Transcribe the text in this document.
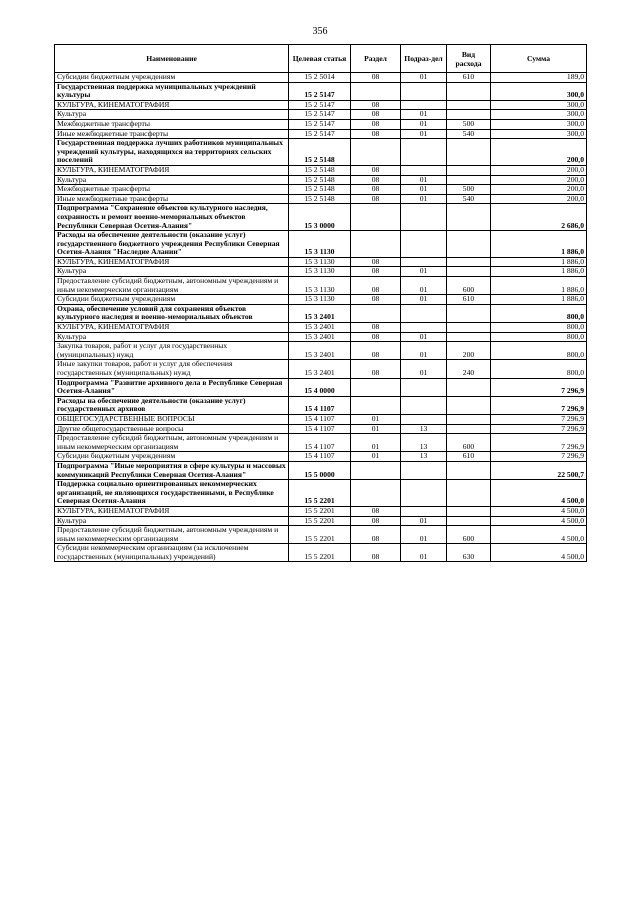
356
Наименование	Целевая статья	Раздел	Подраз-дел	Вид расхода	Сумма
Субсидии бюджетным учреждениям	15 2 5014	08	01	610	189,0
Государственная поддержка муниципальных учреждений культуры	15 2 5147				300,0
КУЛЬТУРА, КИНЕМАТОГРАФИЯ	15 2 5147	08			300,0
Культура	15 2 5147	08	01		300,0
Межбюджетные трансферты	15 2 5147	08	01	500	300,0
Иные межбюджетные трансферты	15 2 5147	08	01	540	300,0
Государственная поддержка лучших работников муниципальных учреждений культуры, находящихся на территориях сельских поселений	15 2 5148				200,0
КУЛЬТУРА, КИНЕМАТОГРАФИЯ	15 2 5148	08			200,0
Культура	15 2 5148	08	01		200,0
Межбюджетные трансферты	15 2 5148	08	01	500	200,0
Иные межбюджетные трансферты	15 2 5148	08	01	540	200,0
Подпрограмма "Сохранение объектов культурного наследия, сохранность и ремонт военно-мемориальных объектов Республики Северная Осетия-Алания"	15 3 0000				2 686,0
Расходы на обеспечение деятельности (оказание услуг) государственного бюджетного учреждения Республики Северная Осетия-Алания "Наследие Алании"	15 3 1130				1 886,0
КУЛЬТУРА, КИНЕМАТОГРАФИЯ	15 3 1130	08			1 886,0
Культура	15 3 1130	08	01		1 886,0
Предоставление субсидий бюджетным, автономным учреждениям и иным некоммерческим организациям	15 3 1130	08	01	600	1 886,0
Субсидии бюджетным учреждениям	15 3 1130	08	01	610	1 886,0
Охрана, обеспечение условий для сохранения объектов культурного наследия и военно-мемориальных объектов	15 3 2401				800,0
КУЛЬТУРА, КИНЕМАТОГРАФИЯ	15 3 2401	08			800,0
Культура	15 3 2401	08	01		800,0
Закупка товаров, работ и услуг для государственных (муниципальных) нужд	15 3 2401	08	01	200	800,0
Иные закупки товаров, работ и услуг для обеспечения государственных (муниципальных) нужд	15 3 2401	08	01	240	800,0
Подпрограмма "Развитие архивного дела в Республике Северная Осетия-Алания"	15 4 0000				7 296,9
Расходы на обеспечение деятельности (оказание услуг) государственных архивов	15 4 1107				7 296,9
ОБЩЕГОСУДАРСТВЕННЫЕ ВОПРОСЫ	15 4 1107	01			7 296,9
Другие общегосударственные вопросы	15 4 1107	01	13		7 296,9
Предоставление субсидий бюджетным, автономным учреждениям и иным некоммерческим организациям	15 4 1107	01	13	600	7 296,9
Субсидии бюджетным учреждениям	15 4 1107	01	13	610	7 296,9
Подпрограмма "Иные мероприятия в сфере культуры и массовых коммуникаций Республики Северная Осетия-Алания"	15 5 0000				22 500,7
Поддержка социально ориентированных некоммерческих организаций, не являющихся государственными, в Республике Северная Осетия-Алания	15 5 2201				4 500,0
КУЛЬТУРА, КИНЕМАТОГРАФИЯ	15 5 2201	08			4 500,0
Культура	15 5 2201	08	01		4 500,0
Предоставление субсидий бюджетным, автономным учреждениям и иным некоммерческим организациям	15 5 2201	08	01	600	4 500,0
Субсидии некоммерческим организациям (за исключением государственных (муниципальных) учреждений)	15 5 2201	08	01	630	4 500,0
